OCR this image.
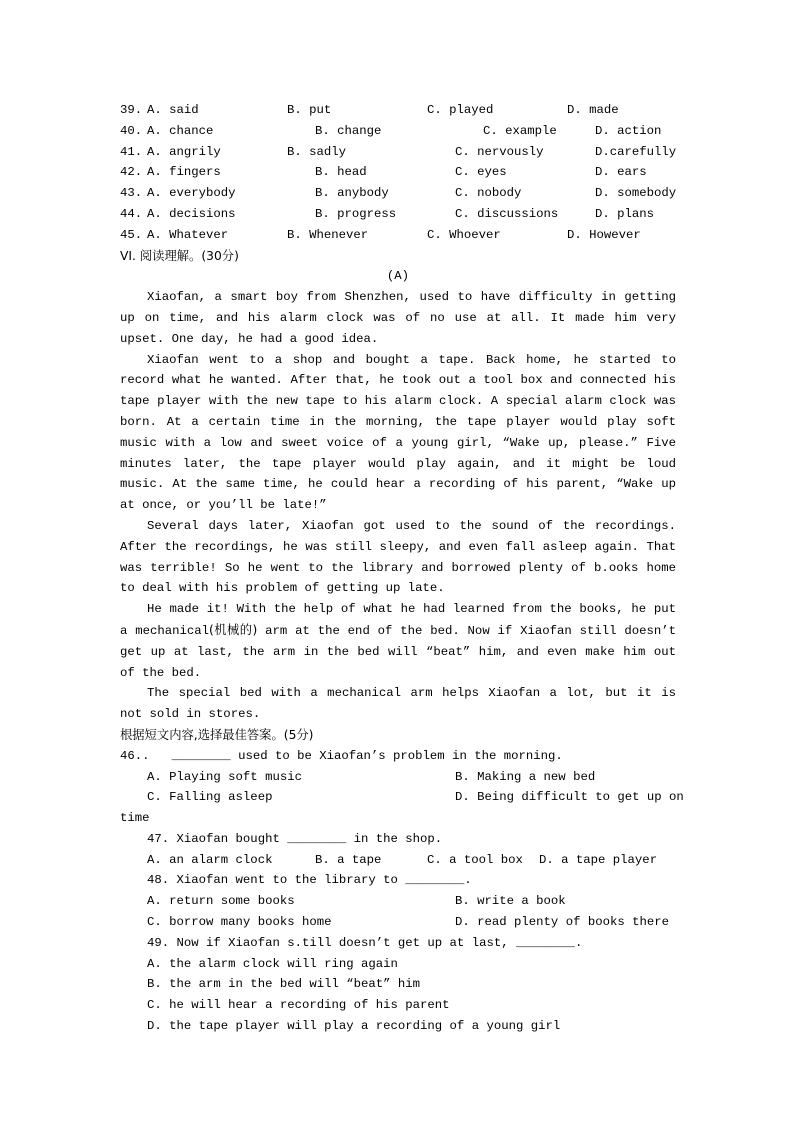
39. A. said	B. put	C. played	D. made
40. A. chance	B. change	C. example	D. action
41. A. angrily	B. sadly	C. nervously	D.carefully
42. A. fingers	B. head	C. eyes	D. ears
43. A. everybody	B. anybody	C. nobody	D. somebody
44. A. decisions	B. progress	C. discussions	D. plans
45. A. Whatever	B. Whenever	C. Whoever	D. However
VI. 阅读理解。(30分)
(A)

Xiaofan, a smart boy from Shenzhen, used to have difficulty in getting up on time, and his alarm clock was of no use at all. It made him very upset. One day, he had a good idea.

Xiaofan went to a shop and bought a tape. Back home, he started to record what he wanted. After that, he took out a tool box and connected his tape player with the new tape to his alarm clock. A special alarm clock was born. At a certain time in the morning, the tape player would play soft music with a low and sweet voice of a young girl, “Wake up, please.” Five minutes later, the tape player would play again, and it might be loud music. At the same time, he could hear a recording of his parent, “Wake up at once, or you’ll be late!”

Several days later, Xiaofan got used to the sound of the recordings. After the recordings, he was still sleepy, and even fall asleep again. That was terrible! So he went to the library and borrowed plenty of b.ooks home to deal with his problem of getting up late.

He made it! With the help of what he had learned from the books, he put a mechanical(机械的) arm at the end of the bed. Now if Xiaofan still doesn’t get up at last, the arm in the bed will “beat” him, and even make him out of the bed.

The special bed with a mechanical arm helps Xiaofan a lot, but it is not sold in stores.

根据短文内容,选择最佳答案。(5分)
46..   ________ used to be Xiaofan’s problem in the morning.
A. Playing soft music	B. Making a new bed
C. Falling asleep	D. Being difficult to get up on
time
47. Xiaofan bought ________ in the shop.
A. an alarm clock	B. a tape	C. a tool box D. a tape player
48. Xiaofan went to the library to ________.
A. return some books	B. write a book
C. borrow many books home	D. read plenty of books there
49. Now if Xiaofan s.till doesn’t get up at last, ________.
A. the alarm clock will ring again
B. the arm in the bed will “beat” him
C. he will hear a recording of his parent
D. the tape player will play a recording of a young girl
